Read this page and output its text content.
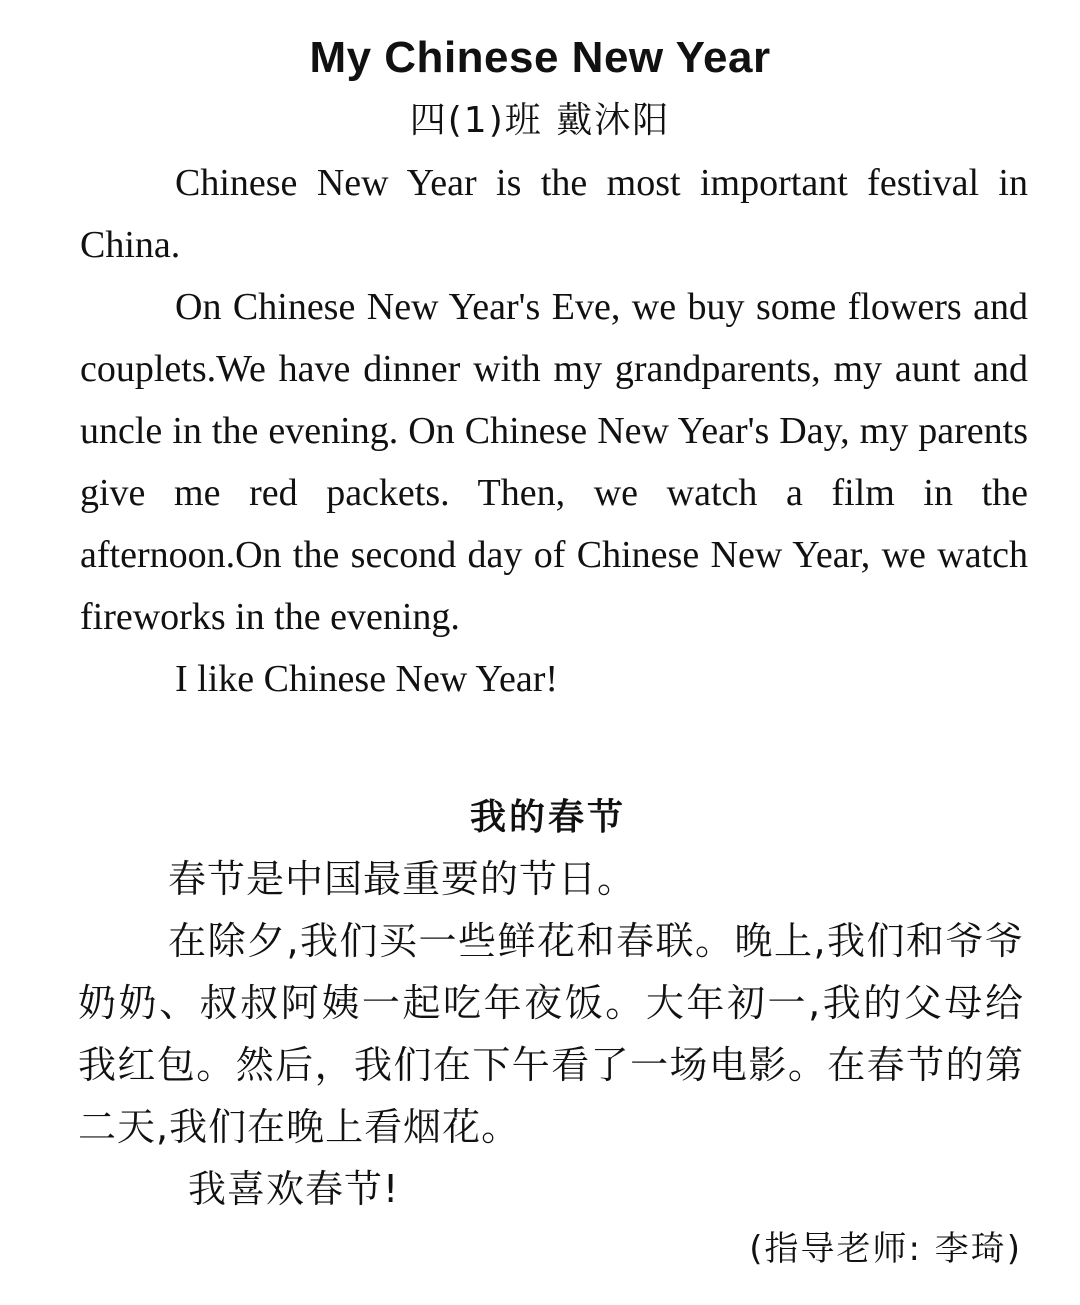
My Chinese New Year
四(1)班 戴沐阳

Chinese New Year is the most important festival in China.

On Chinese New Year's Eve, we buy some flowers and couplets.We have dinner with my grandparents, my aunt and uncle in the evening. On Chinese New Year's Day, my parents give me red packets. Then, we watch a film in the afternoon.On the second day of Chinese New Year, we watch fireworks in the evening.

I like Chinese New Year!

我的春节

春节是中国最重要的节日。

在除夕,我们买一些鲜花和春联。晚上,我们和爷爷奶奶、叔叔阿姨一起吃年夜饭。大年初一,我的父母给我红包。然后，我们在下午看了一场电影。在春节的第二天,我们在晚上看烟花。

我喜欢春节!

(指导老师: 李琦)
